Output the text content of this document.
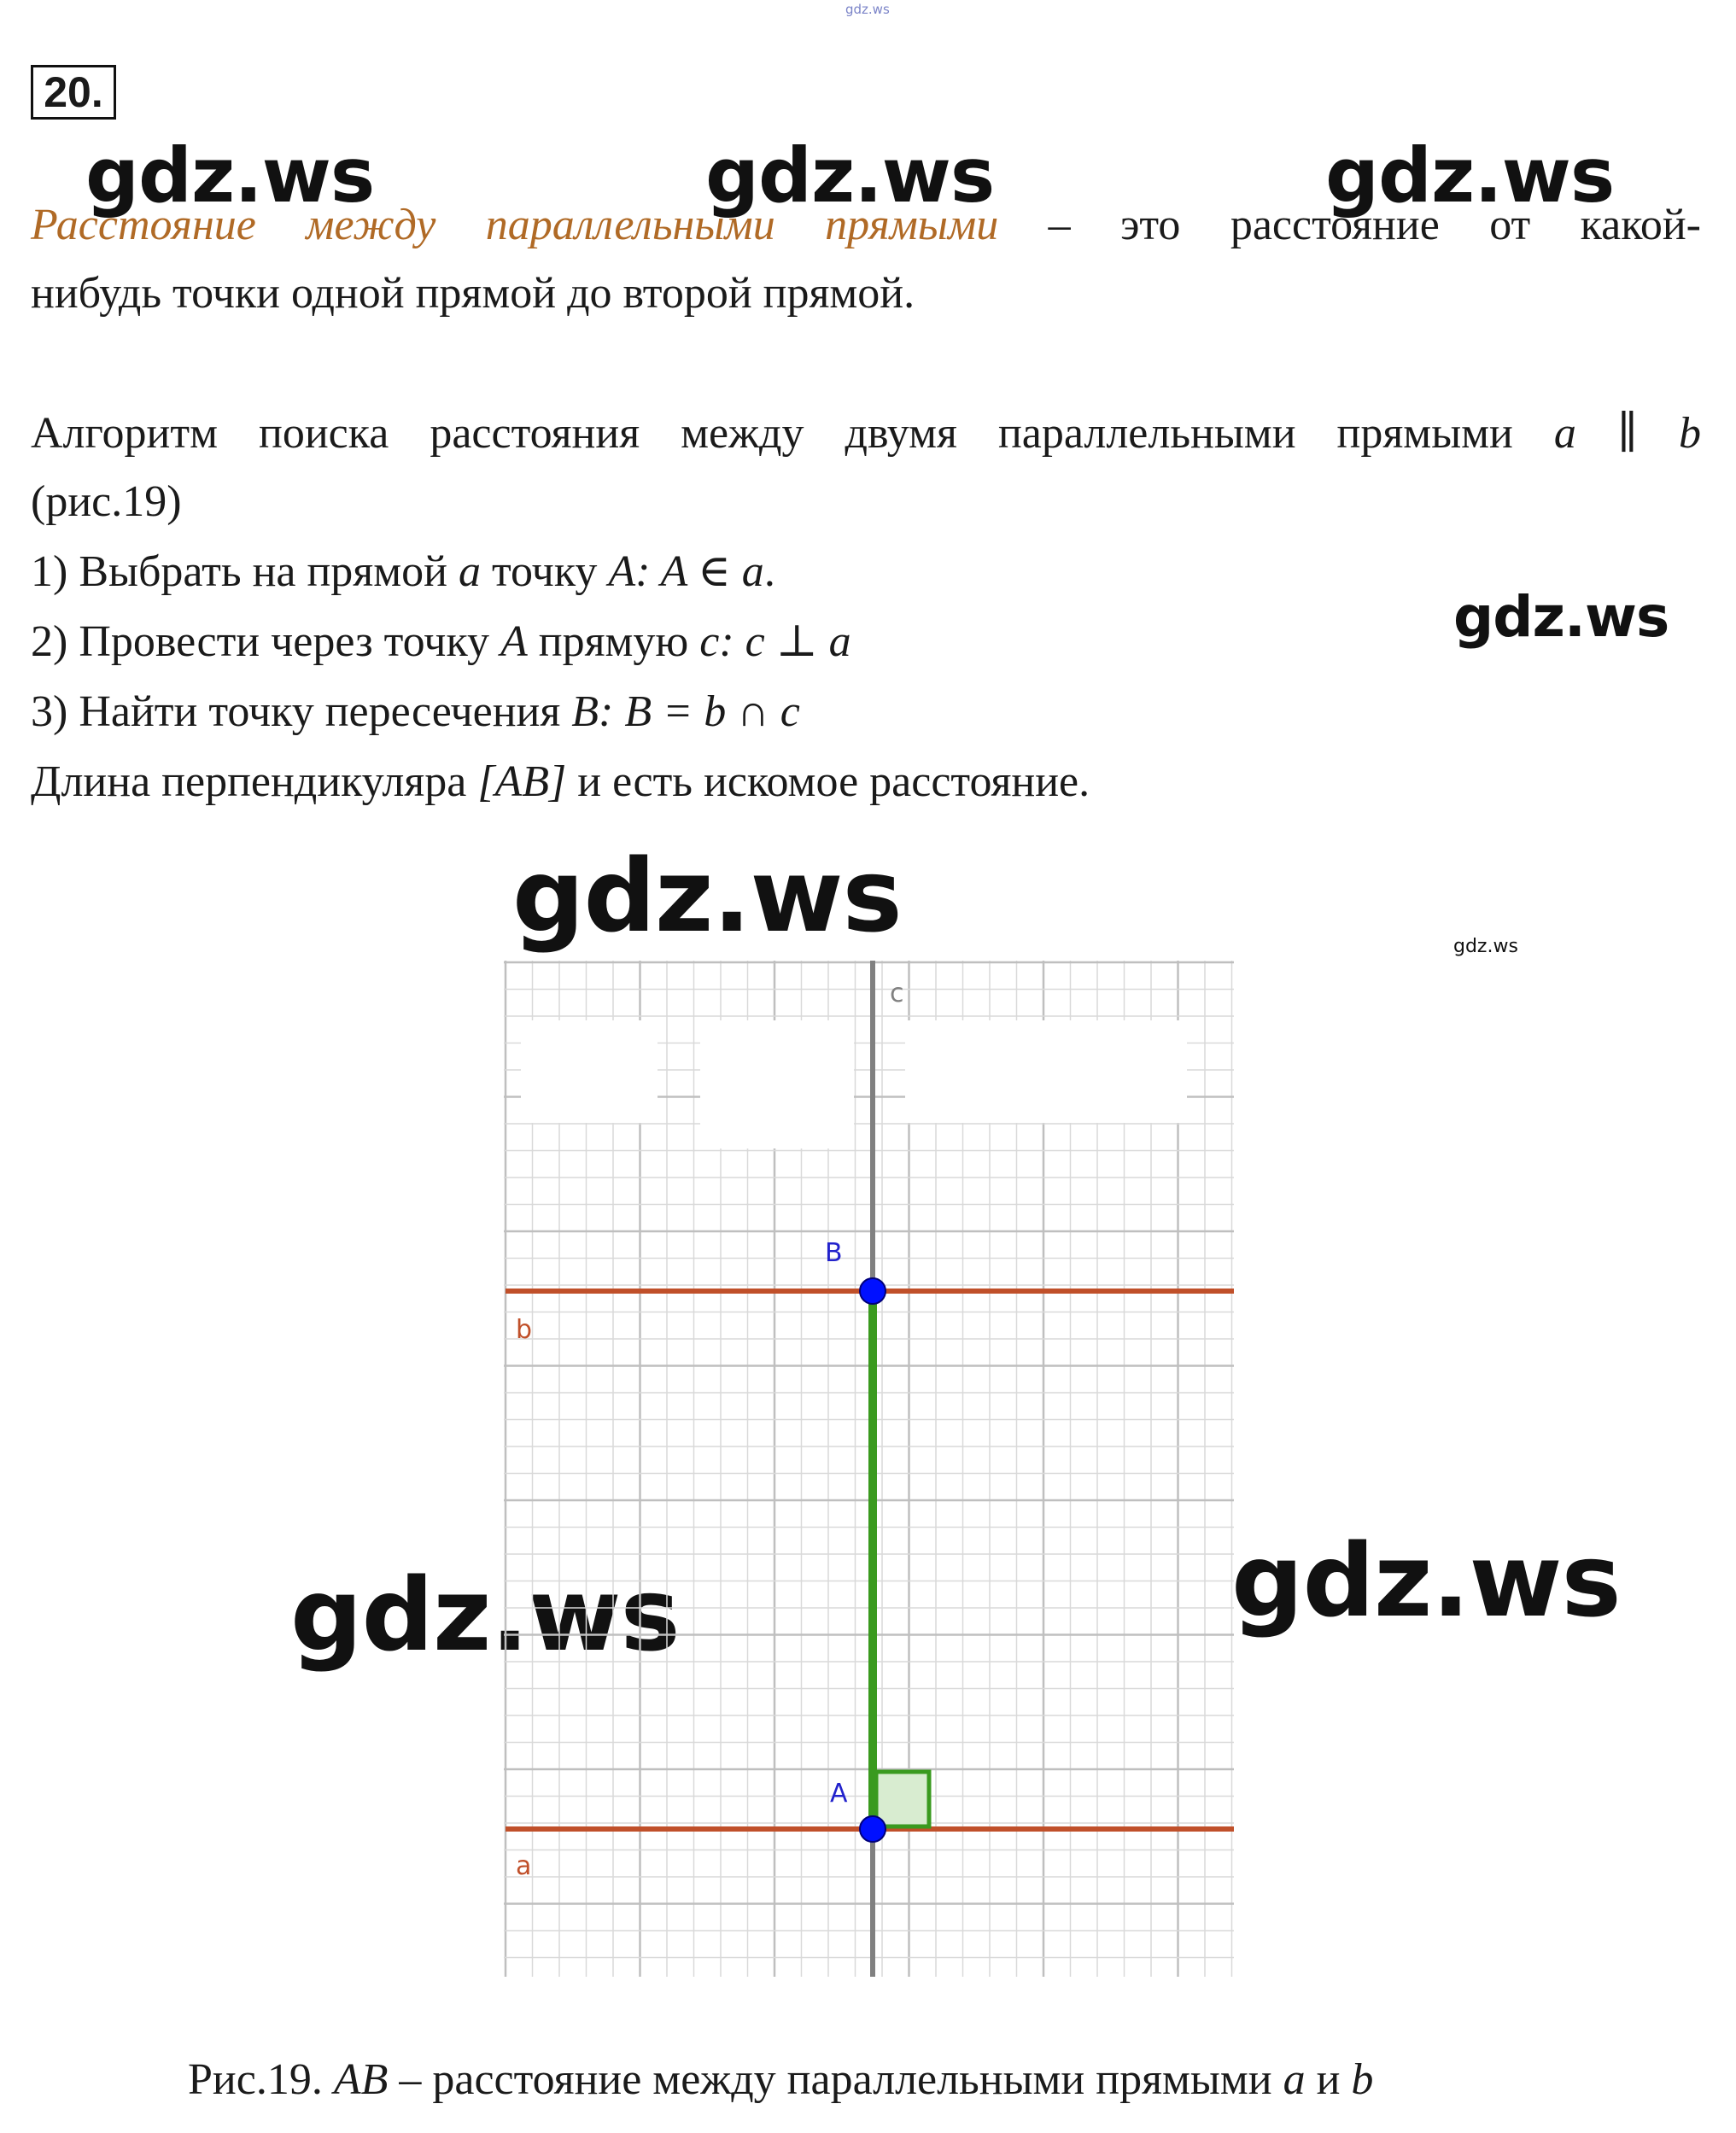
gdz.ws
gdz.ws	gdz.ws	gdz.ws
gdz.ws
gdz.ws	gdz.ws
gdz.ws	gdz.ws
20.
Расстояние между параллельными прямыми – это расстояние от какой-
нибудь точки одной прямой до второй прямой.
Алгоритм поиска расстояния между двумя параллельными прямыми a ∥ b
(рис.19)
1) Выбрать на прямой a точку A: A ∈ a.
2) Провести через точку A прямую c: c ⊥ a
3) Найти точку пересечения B: B = b ∩ c
Длина перпендикуляра [AB] и есть искомое расстояние.
c
b
a
B
A
Рис.19. AB – расстояние между параллельными прямыми a и b
